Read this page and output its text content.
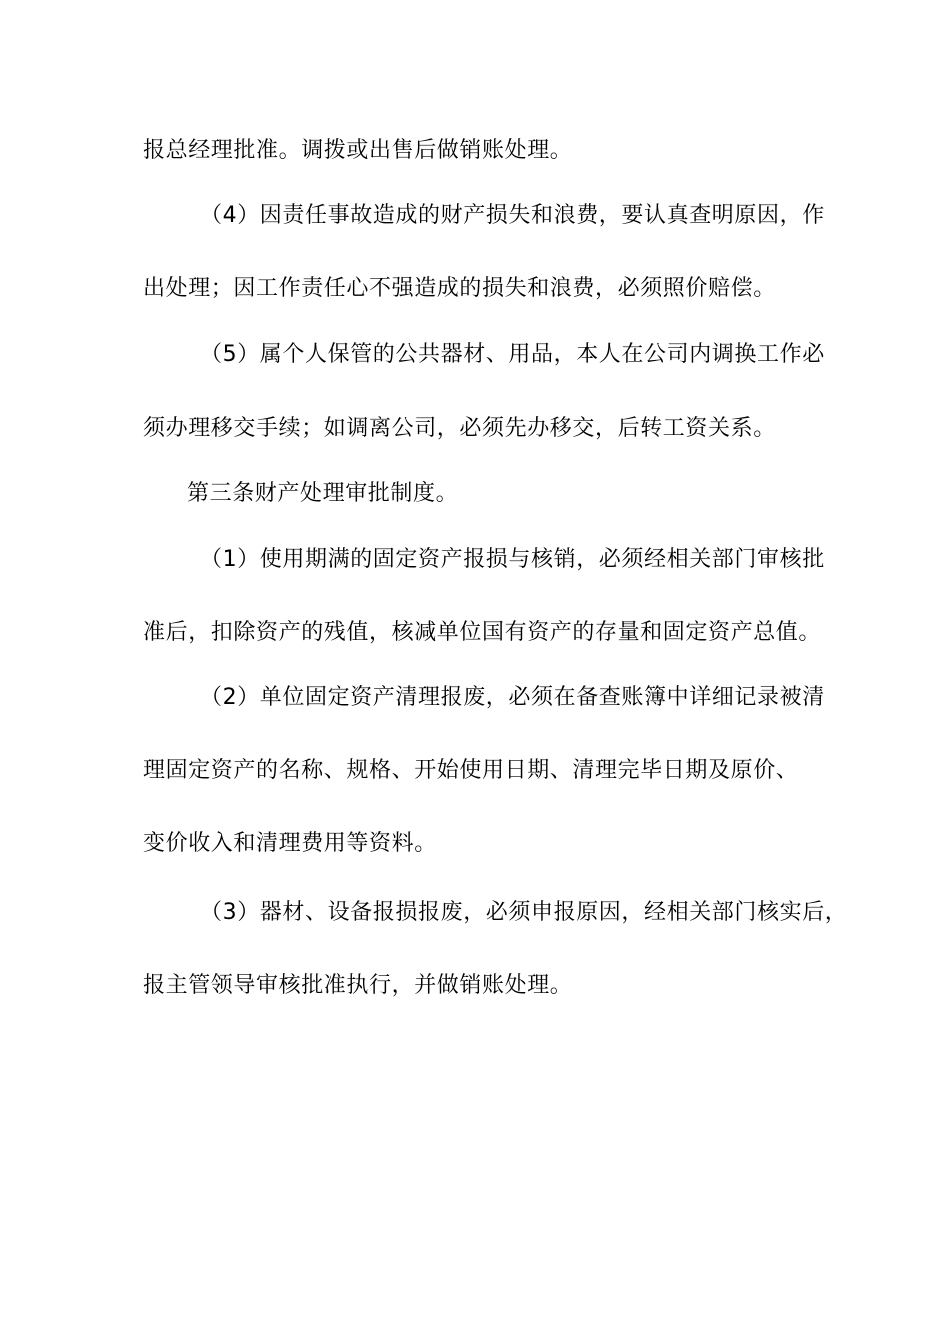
报总经理批准。调拨或出售后做销账处理。
（4）因责任事故造成的财产损失和浪费，要认真查明原因，作
出处理；因工作责任心不强造成的损失和浪费，必须照价赔偿。
（5）属个人保管的公共器材、用品，本人在公司内调换工作必
须办理移交手续；如调离公司，必须先办移交，后转工资关系。
第三条财产处理审批制度。
（1）使用期满的固定资产报损与核销，必须经相关部门审核批
准后，扣除资产的残值，核减单位国有资产的存量和固定资产总值。
（2）单位固定资产清理报废，必须在备查账簿中详细记录被清
理固定资产的名称、规格、开始使用日期、清理完毕日期及原价、
变价收入和清理费用等资料。
（3）器材、设备报损报废，必须申报原因，经相关部门核实后，
报主管领导审核批准执行，并做销账处理。
